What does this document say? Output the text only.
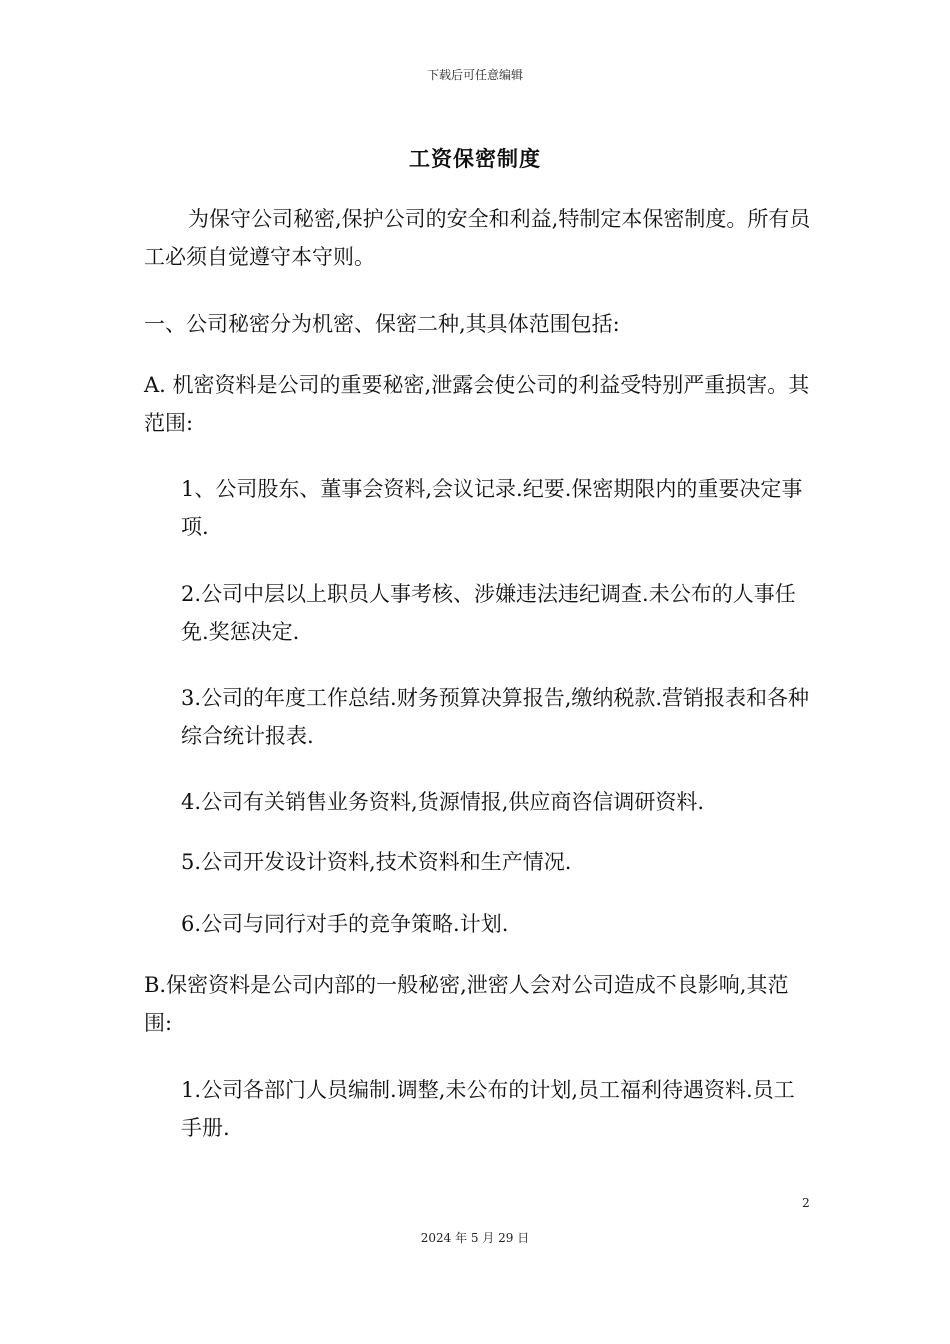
下载后可任意编辑
工资保密制度

为保守公司秘密,保护公司的安全和利益,特制定本保密制度。所有员工必须自觉遵守本守则。

一、公司秘密分为机密、保密二种,其具体范围包括:

A. 机密资料是公司的重要秘密,泄露会使公司的利益受特别严重损害。其范围:

1、公司股东、董事会资料,会议记录.纪要.保密期限内的重要决定事项.

2.公司中层以上职员人事考核、涉嫌违法违纪调查.未公布的人事任免.奖惩决定.

3.公司的年度工作总结.财务预算决算报告,缴纳税款.营销报表和各种综合统计报表.

4.公司有关销售业务资料,货源情报,供应商咨信调研资料.

5.公司开发设计资料,技术资料和生产情况.

6.公司与同行对手的竞争策略.计划.

B.保密资料是公司内部的一般秘密,泄密人会对公司造成不良影响,其范围:

1.公司各部门人员编制.调整,未公布的计划,员工福利待遇资料.员工手册.

2
2024 年 5 月 29 日
